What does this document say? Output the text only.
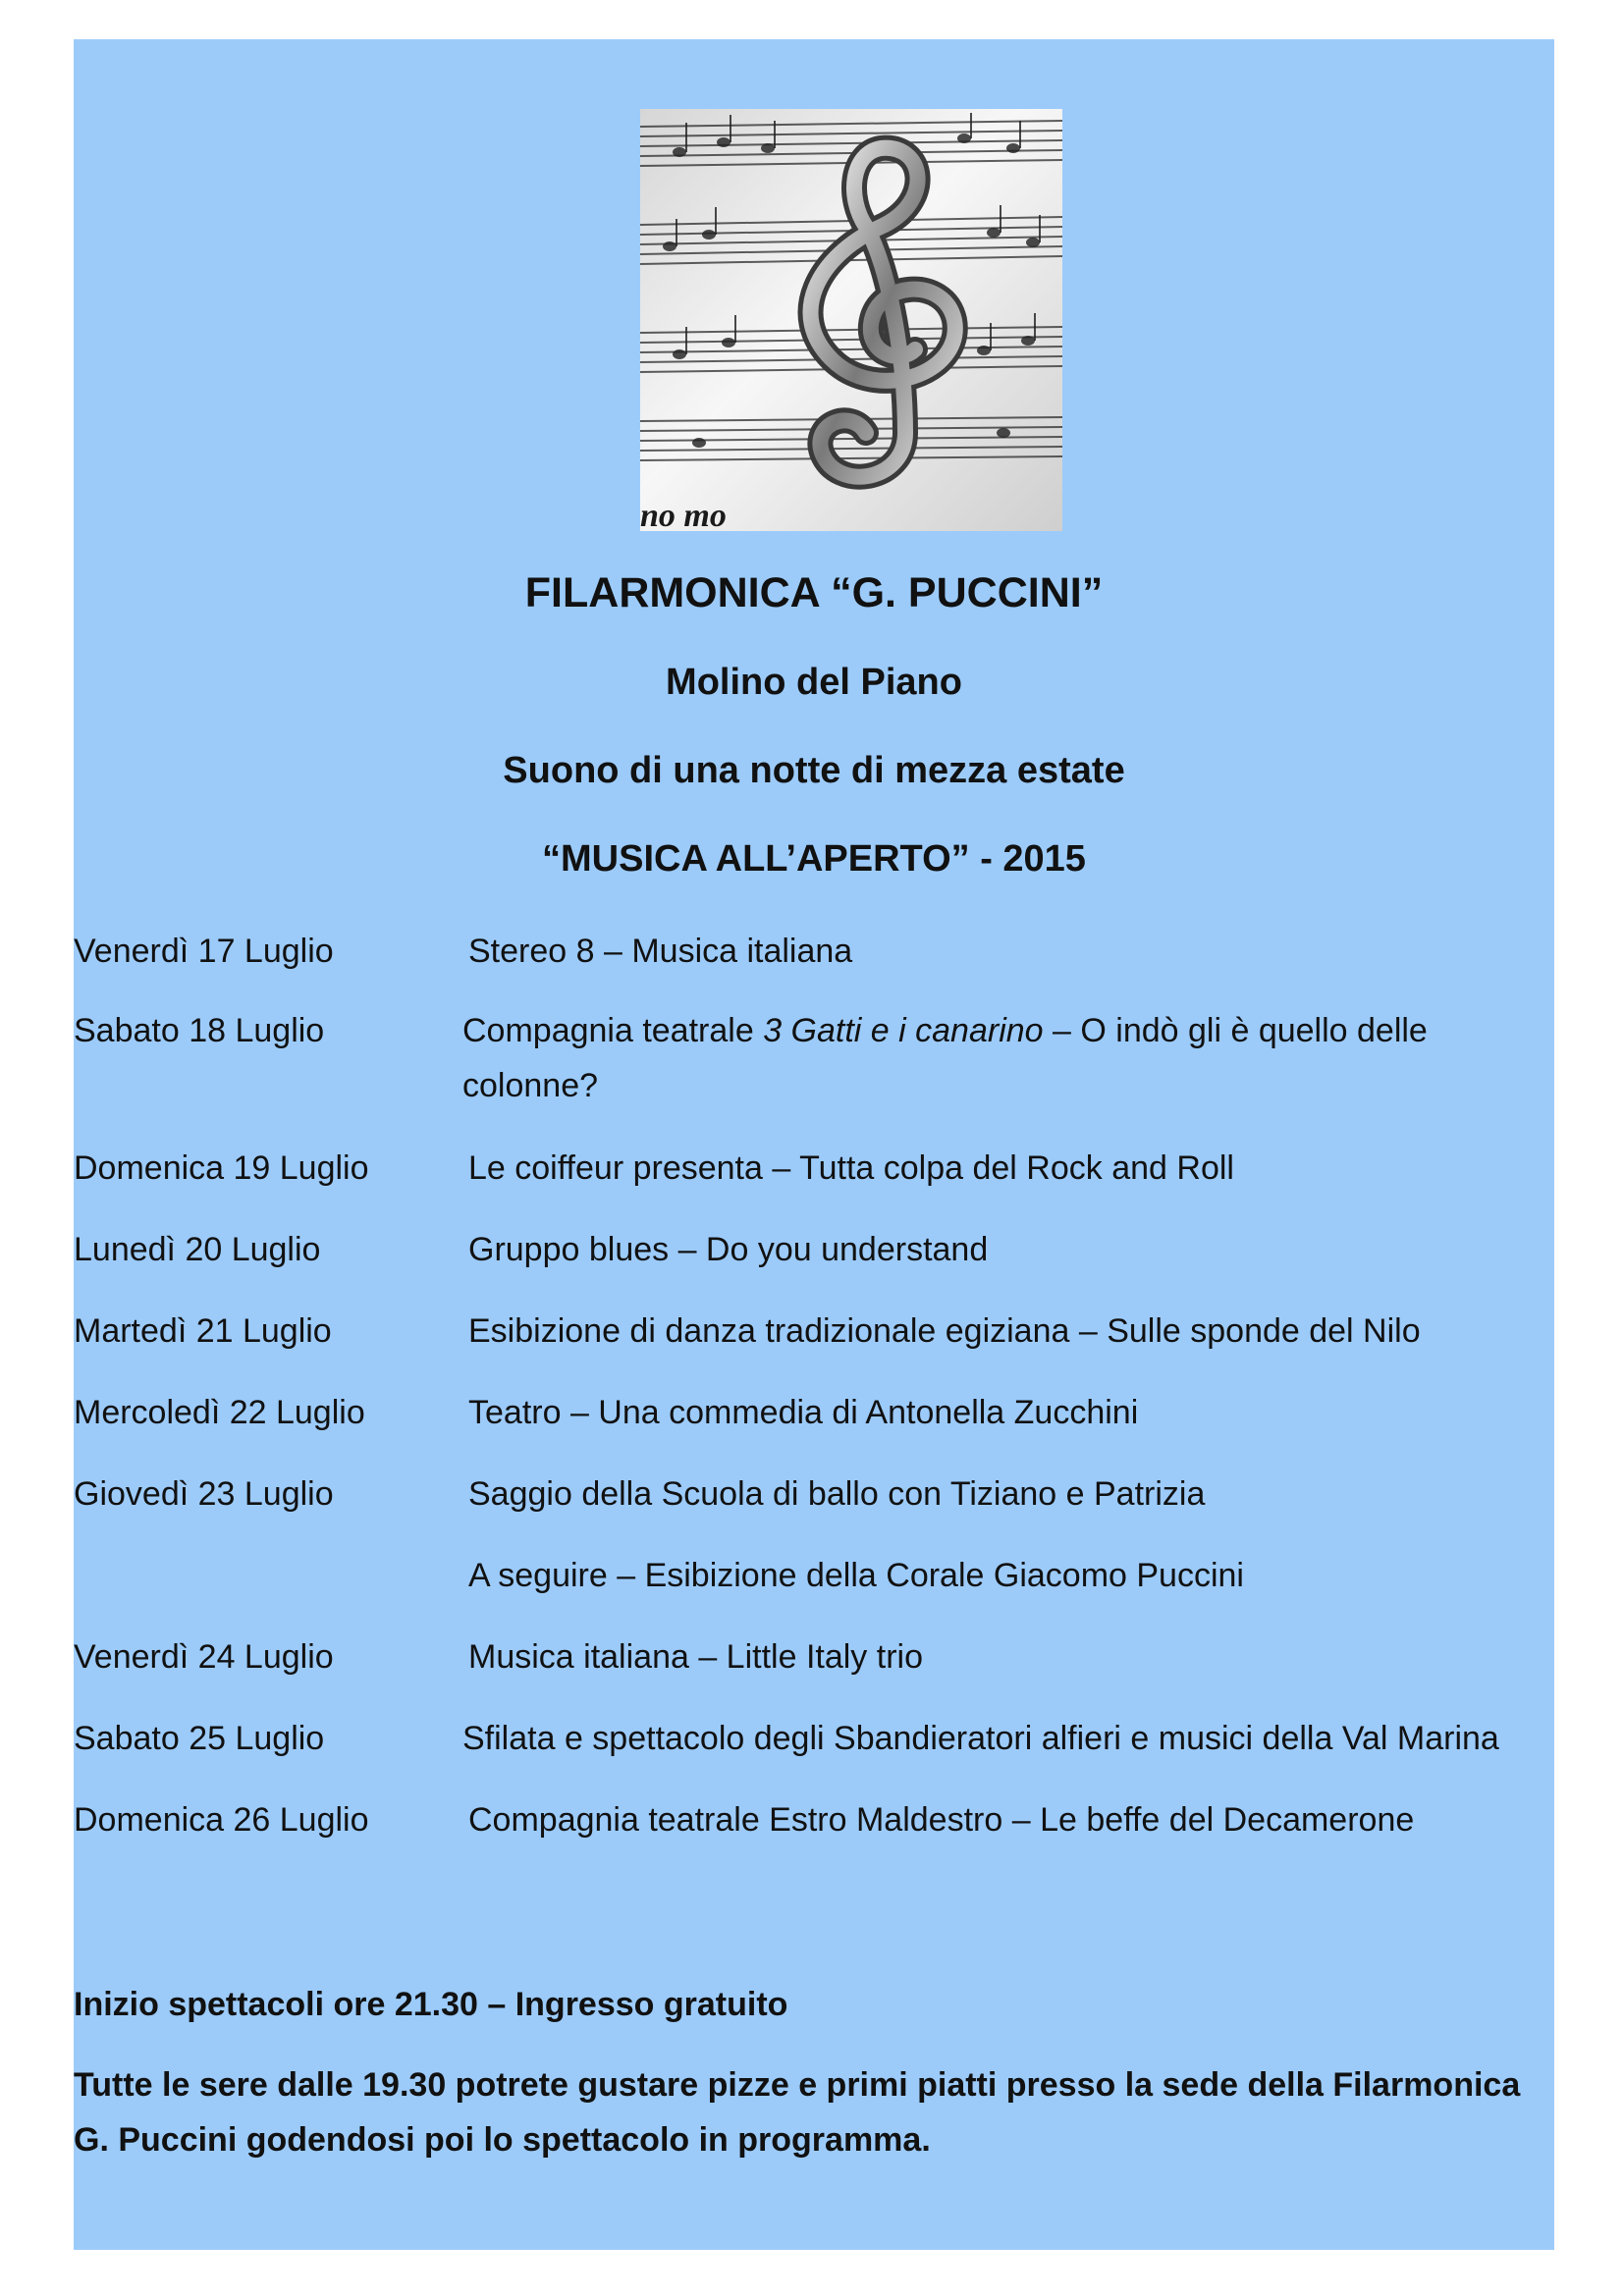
no mo
FILARMONICA “G. PUCCINI”
Molino del Piano
Suono di una notte di mezza estate
“MUSICA ALL’APERTO” - 2015
Venerdì 17 Luglio	Stereo 8 – Musica italiana
Sabato 18 Luglio	Compagnia teatrale 3 Gatti e i canarino – O indò gli è quello delle colonne?
Domenica 19 Luglio	Le coiffeur presenta – Tutta colpa del Rock and Roll
Lunedì 20 Luglio	Gruppo blues – Do you understand
Martedì 21 Luglio	Esibizione di danza tradizionale egiziana – Sulle sponde del Nilo
Mercoledì 22 Luglio	Teatro – Una commedia di Antonella Zucchini
Giovedì 23 Luglio	Saggio della Scuola di ballo con Tiziano e Patrizia
A seguire – Esibizione della Corale Giacomo Puccini
Venerdì 24 Luglio	Musica italiana – Little Italy trio
Sabato 25 Luglio	Sfilata e spettacolo degli Sbandieratori alfieri e musici della Val Marina
Domenica 26 Luglio	Compagnia teatrale Estro Maldestro – Le beffe del Decamerone
Inizio spettacoli ore 21.30 – Ingresso gratuito
Tutte le sere dalle 19.30 potrete gustare pizze e primi piatti presso la sede della Filarmonica G. Puccini godendosi poi lo spettacolo in programma.
